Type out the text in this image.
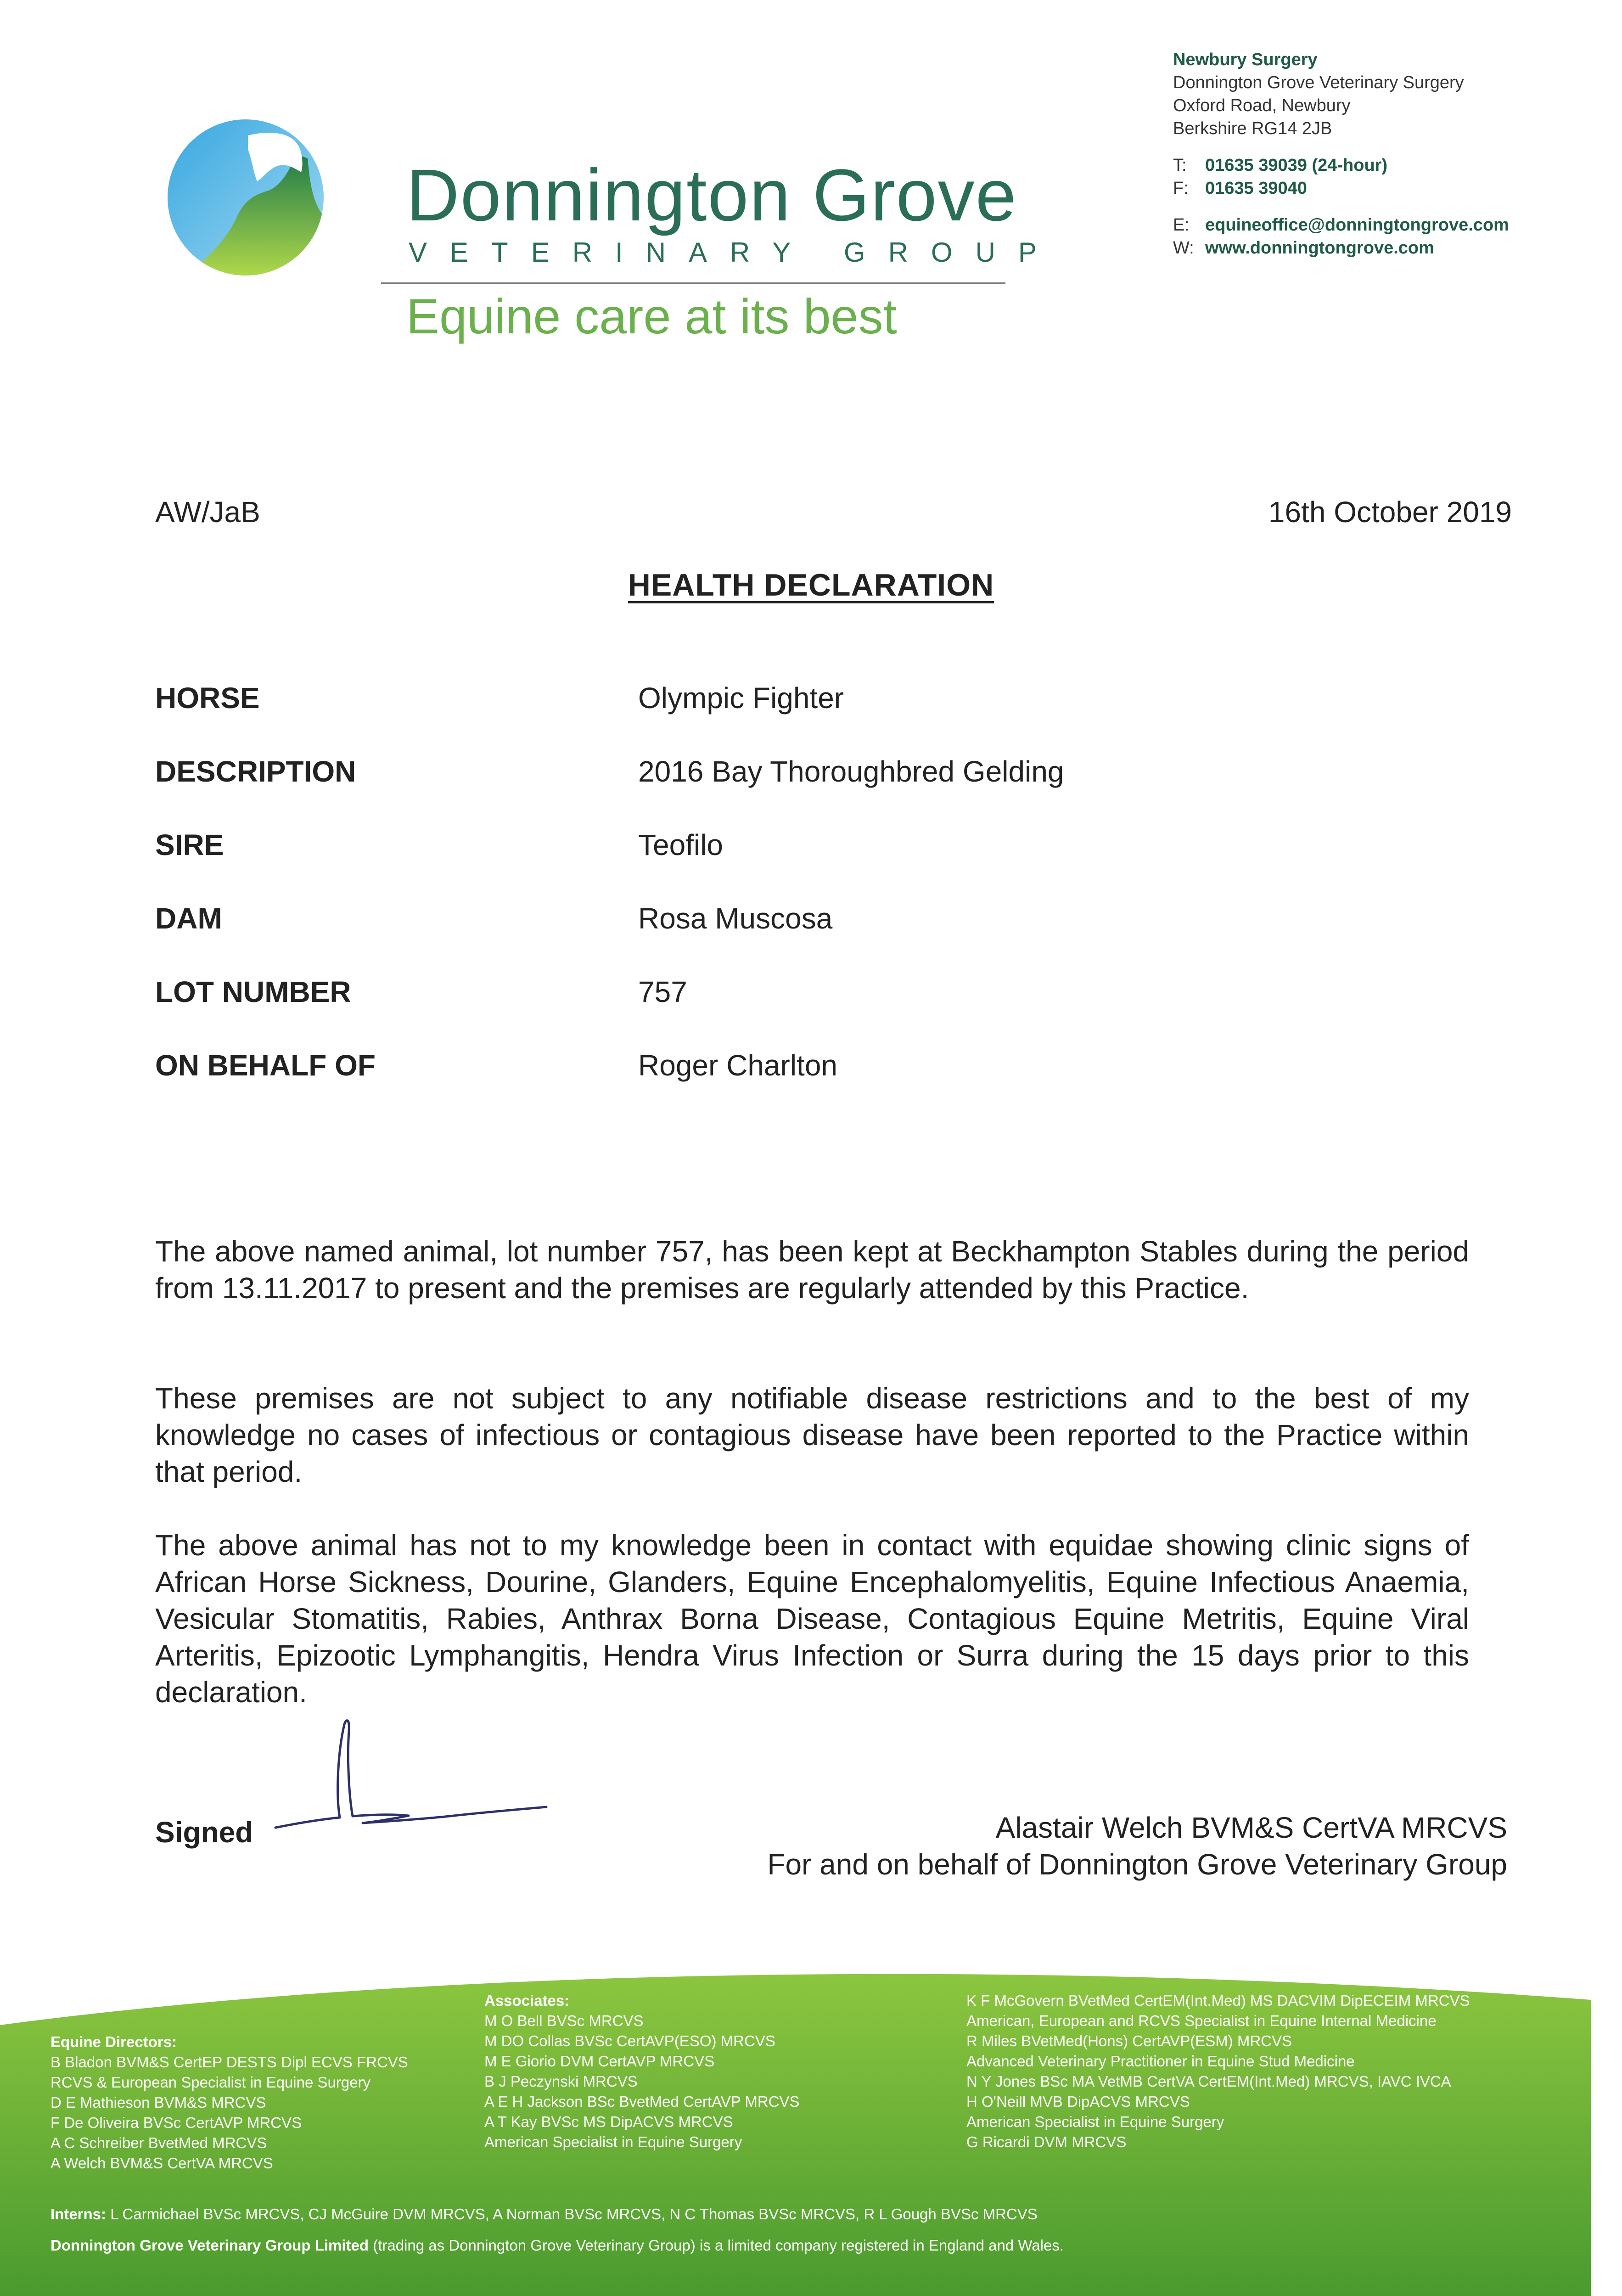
Donnington Grove
VETERINARY GROUP
Equine care at its best
Newbury Surgery
Donnington Grove Veterinary Surgery
Oxford Road, Newbury
Berkshire RG14 2JB
T: 01635 39039 (24-hour)
F: 01635 39040
E: equineoffice@donningtongrove.com
W: www.donningtongrove.com
AW/JaB	16th October 2019
HEALTH DECLARATION
HORSE	Olympic Fighter
DESCRIPTION	2016 Bay Thoroughbred Gelding
SIRE	Teofilo
DAM	Rosa Muscosa
LOT NUMBER	757
ON BEHALF OF	Roger Charlton
The above named animal, lot number 757, has been kept at Beckhampton Stables during the period from 13.11.2017 to present and the premises are regularly attended by this Practice.
These premises are not subject to any notifiable disease restrictions and to the best of my knowledge no cases of infectious or contagious disease have been reported to the Practice within that period.
The above animal has not to my knowledge been in contact with equidae showing clinic signs of African Horse Sickness, Dourine, Glanders, Equine Encephalomyelitis, Equine Infectious Anaemia, Vesicular Stomatitis, Rabies, Anthrax Borna Disease, Contagious Equine Metritis, Equine Viral Arteritis, Epizootic Lymphangitis, Hendra Virus Infection or Surra during the 15 days prior to this declaration.
Signed	Alastair Welch BVM&S CertVA MRCVS
For and on behalf of Donnington Grove Veterinary Group
Equine Directors:
B Bladon BVM&S CertEP DESTS Dipl ECVS FRCVS
RCVS & European Specialist in Equine Surgery
D E Mathieson BVM&S MRCVS
F De Oliveira BVSc CertAVP MRCVS
A C Schreiber BvetMed MRCVS
A Welch BVM&S CertVA MRCVS
Associates:
M O Bell BVSc MRCVS
M DO Collas BVSc CertAVP(ESO) MRCVS
M E Giorio DVM CertAVP MRCVS
B J Peczynski MRCVS
A E H Jackson BSc BvetMed CertAVP MRCVS
A T Kay BVSc MS DipACVS MRCVS
American Specialist in Equine Surgery
K F McGovern BVetMed CertEM(Int.Med) MS DACVIM DipECEIM MRCVS
American, European and RCVS Specialist in Equine Internal Medicine
R Miles BVetMed(Hons) CertAVP(ESM) MRCVS
Advanced Veterinary Practitioner in Equine Stud Medicine
N Y Jones BSc MA VetMB CertVA CertEM(Int.Med) MRCVS, IAVC IVCA
H O'Neill MVB DipACVS MRCVS
American Specialist in Equine Surgery
G Ricardi DVM MRCVS
Interns: L Carmichael BVSc MRCVS, CJ McGuire DVM MRCVS, A Norman BVSc MRCVS, N C Thomas BVSc MRCVS, R L Gough BVSc MRCVS
Donnington Grove Veterinary Group Limited (trading as Donnington Grove Veterinary Group) is a limited company registered in England and Wales.
